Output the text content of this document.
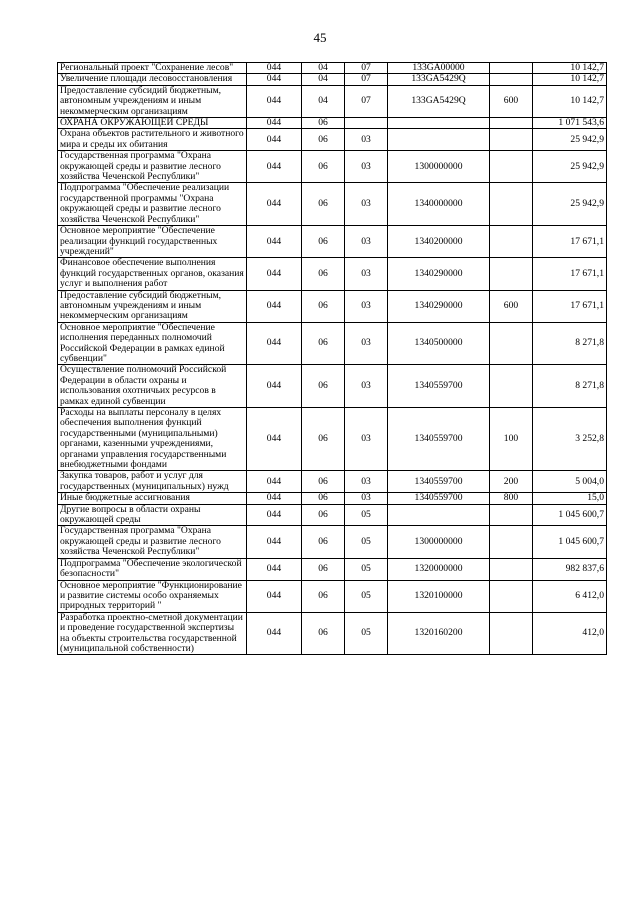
45
Региональный проект "Сохранение лесов"	044	04	07	133GA00000		10 142,7
Увеличение площади лесовосстановления	044	04	07	133GA5429Q		10 142,7
Предоставление субсидий бюджетным, автономным учреждениям и иным некоммерческим организациям	044	04	07	133GA5429Q	600	10 142,7
ОХРАНА ОКРУЖАЮЩЕЙ СРЕДЫ	044	06				1 071 543,6
Охрана объектов растительного и животного мира и среды их обитания	044	06	03			25 942,9
Государственная программа "Охрана окружающей среды и развитие лесного хозяйства Чеченской Республики"	044	06	03	1300000000		25 942,9
Подпрограмма "Обеспечение реализации государственной программы "Охрана окружающей среды и развитие лесного хозяйства Чеченской Республики"	044	06	03	1340000000		25 942,9
Основное мероприятие "Обеспечение реализации функций государственных учреждений"	044	06	03	1340200000		17 671,1
Финансовое обеспечение выполнения функций государственных органов, оказания услуг и выполнения работ	044	06	03	1340290000		17 671,1
Предоставление субсидий бюджетным, автономным учреждениям и иным некоммерческим организациям	044	06	03	1340290000	600	17 671,1
Основное мероприятие "Обеспечение исполнения переданных полномочий Российской Федерации в рамках единой субвенции"	044	06	03	1340500000		8 271,8
Осуществление полномочий Российской Федерации в области охраны и использования охотничьих ресурсов в рамках единой субвенции	044	06	03	1340559700		8 271,8
Расходы на выплаты персоналу в целях обеспечения выполнения функций государственными (муниципальными) органами, казенными учреждениями, органами управления государственными внебюджетными фондами	044	06	03	1340559700	100	3 252,8
Закупка товаров, работ и услуг для государственных (муниципальных) нужд	044	06	03	1340559700	200	5 004,0
Иные бюджетные ассигнования	044	06	03	1340559700	800	15,0
Другие вопросы в области охраны окружающей среды	044	06	05			1 045 600,7
Государственная программа "Охрана окружающей среды и развитие лесного хозяйства Чеченской Республики"	044	06	05	1300000000		1 045 600,7
Подпрограмма "Обеспечение экологической безопасности"	044	06	05	1320000000		982 837,6
Основное мероприятие "Функционирование и развитие системы особо охраняемых природных территорий "	044	06	05	1320100000		6 412,0
Разработка проектно-сметной документации и проведение государственной экспертизы на объекты строительства государственной (муниципальной собственности)	044	06	05	1320160200		412,0
